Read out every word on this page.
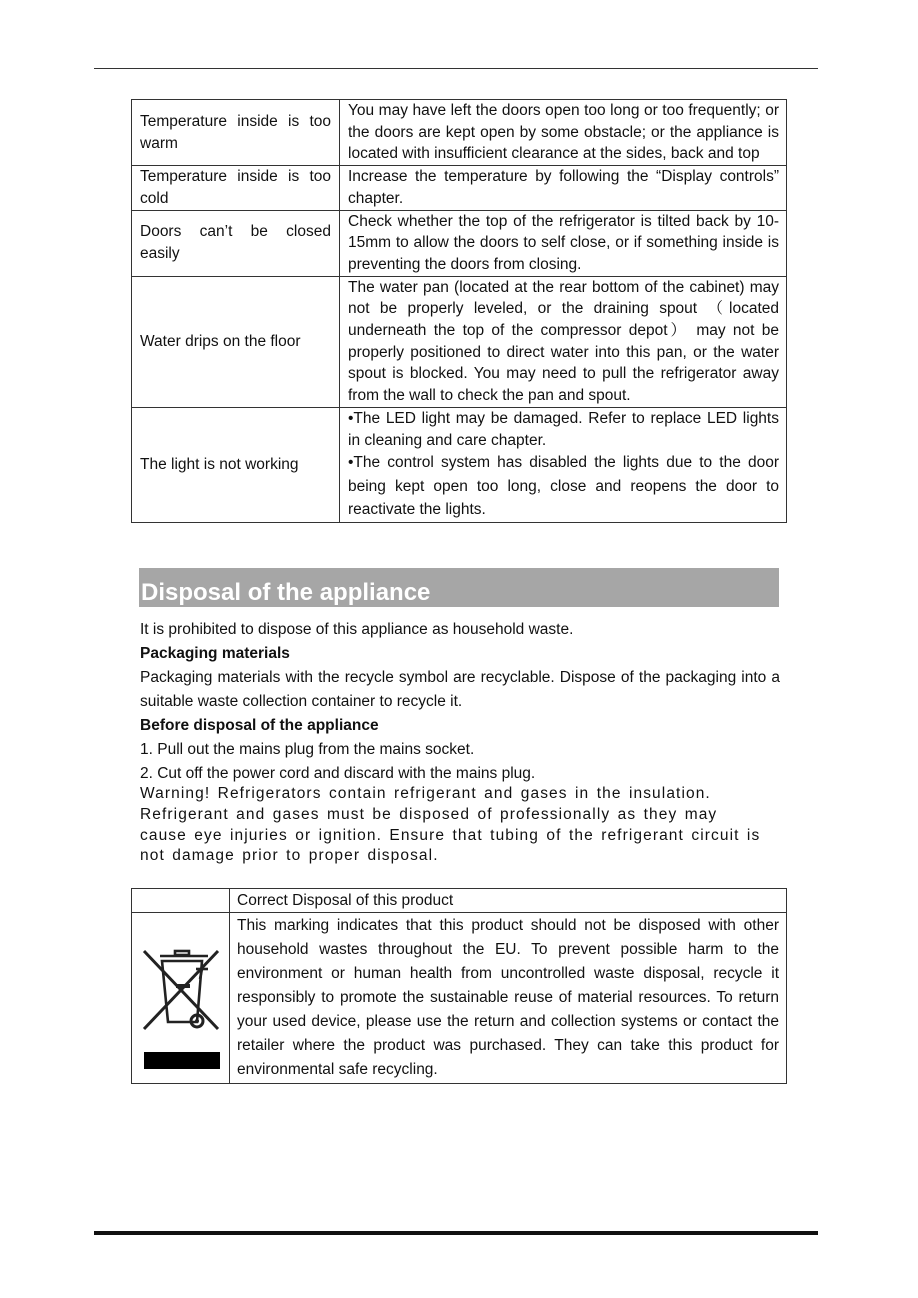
Temperature inside is too warm	You may have left the doors open too long or too frequently; or the doors are kept open by some obstacle; or the appliance is located with insufficient clearance at the sides, back and top

Temperature inside is too cold	Increase the temperature by following the “Display controls” chapter.

Doors can’t be closed easily	Check whether the top of the refrigerator is tilted back by 10-15mm to allow the doors to self close, or if something inside is preventing the doors from closing.

Water drips on the floor	The water pan (located at the rear bottom of the cabinet) may not be properly leveled, or the draining spout （located underneath the top of the compressor depot） may not be properly positioned to direct water into this pan, or the water spout is blocked. You may need to pull the refrigerator away from the wall to check the pan and spout.

The light is not working	•The LED light may be damaged. Refer to replace LED lights in cleaning and care chapter.

•The control system has disabled the lights due to the door being kept open too long, close and reopens the door to reactivate the lights.

Disposal of the appliance

It is prohibited to dispose of this appliance as household waste.

Packaging materials

Packaging materials with the recycle symbol are recyclable. Dispose of the packaging into a suitable waste collection container to recycle it.

Before disposal of the appliance

1. Pull out the mains plug from the mains socket.

2. Cut off the power cord and discard with the mains plug.

Warning! Refrigerators contain refrigerant and gases in the insulation. Refrigerant and gases must be disposed of professionally as they may cause eye injuries or ignition. Ensure that tubing of the refrigerant circuit is not damage prior to proper disposal.

	Correct Disposal of this product

	This marking indicates that this product should not be disposed with other household wastes throughout the EU. To prevent possible harm to the environment or human health from uncontrolled waste disposal, recycle it responsibly to promote the sustainable reuse of material resources. To return your used device, please use the return and collection systems or contact the retailer where the product was purchased. They can take this product for environmental safe recycling.
